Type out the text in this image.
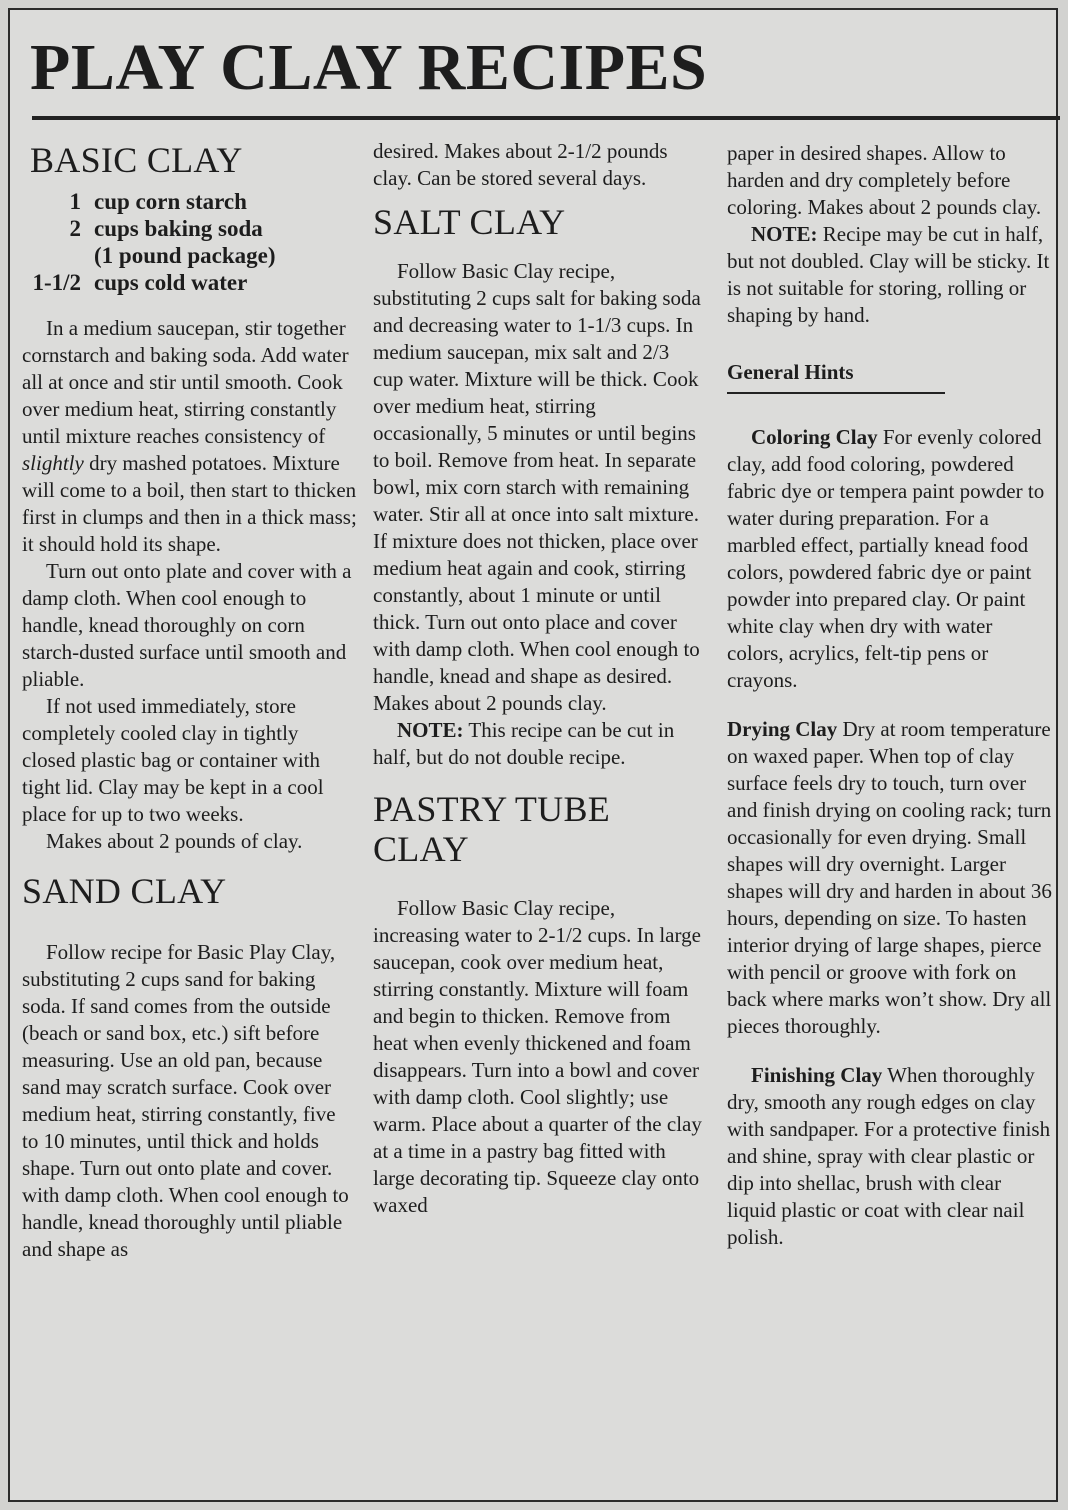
PLAY CLAY RECIPES
BASIC CLAY
1 cup corn starch
2 cups baking soda
(1 pound package)
1-1/2 cups cold water

In a medium saucepan, stir together cornstarch and baking soda. Add water all at once and stir until smooth. Cook over medium heat, stirring constantly until mixture reaches consistency of slightly dry mashed potatoes. Mixture will come to a boil, then start to thicken first in clumps and then in a thick mass; it should hold its shape.

Turn out onto plate and cover with a damp cloth. When cool enough to handle, knead thoroughly on corn starch-dusted surface until smooth and pliable.

If not used immediately, store completely cooled clay in tightly closed plastic bag or container with tight lid. Clay may be kept in a cool place for up to two weeks.

Makes about 2 pounds of clay.

SAND CLAY

Follow recipe for Basic Play Clay, substituting 2 cups sand for baking soda. If sand comes from the outside (beach or sand box, etc.) sift before measuring. Use an old pan, because sand may scratch surface. Cook over medium heat, stirring constantly, five to 10 minutes, until thick and holds shape. Turn out onto plate and cover. with damp cloth. When cool enough to handle, knead thoroughly until pliable and shape as

desired. Makes about 2-1/2 pounds clay. Can be stored several days.

SALT CLAY

Follow Basic Clay recipe, substituting 2 cups salt for baking soda and decreasing water to 1-1/3 cups. In medium saucepan, mix salt and 2/3 cup water. Mixture will be thick. Cook over medium heat, stirring occasionally, 5 minutes or until begins to boil. Remove from heat. In separate bowl, mix corn starch with remaining water. Stir all at once into salt mixture. If mixture does not thicken, place over medium heat again and cook, stirring constantly, about 1 minute or until thick. Turn out onto place and cover with damp cloth. When cool enough to handle, knead and shape as desired. Makes about 2 pounds clay.

NOTE: This recipe can be cut in half, but do not double recipe.

PASTRY TUBE CLAY

Follow Basic Clay recipe, increasing water to 2-1/2 cups. In large saucepan, cook over medium heat, stirring constantly. Mixture will foam and begin to thicken. Remove from heat when evenly thickened and foam disappears. Turn into a bowl and cover with damp cloth. Cool slightly; use warm. Place about a quarter of the clay at a time in a pastry bag fitted with large decorating tip. Squeeze clay onto waxed

paper in desired shapes. Allow to harden and dry completely before coloring. Makes about 2 pounds clay.

NOTE: Recipe may be cut in half, but not doubled. Clay will be sticky. It is not suitable for storing, rolling or shaping by hand.

General Hints

Coloring Clay For evenly colored clay, add food coloring, powdered fabric dye or tempera paint powder to water during preparation. For a marbled effect, partially knead food colors, powdered fabric dye or paint powder into prepared clay. Or paint white clay when dry with water colors, acrylics, felt-tip pens or crayons.

Drying Clay Dry at room temperature on waxed paper. When top of clay surface feels dry to touch, turn over and finish drying on cooling rack; turn occasionally for even drying. Small shapes will dry overnight. Larger shapes will dry and harden in about 36 hours, depending on size. To hasten interior drying of large shapes, pierce with pencil or groove with fork on back where marks won’t show. Dry all pieces thoroughly.

Finishing Clay When thoroughly dry, smooth any rough edges on clay with sandpaper. For a protective finish and shine, spray with clear plastic or dip into shellac, brush with clear liquid plastic or coat with clear nail polish.
